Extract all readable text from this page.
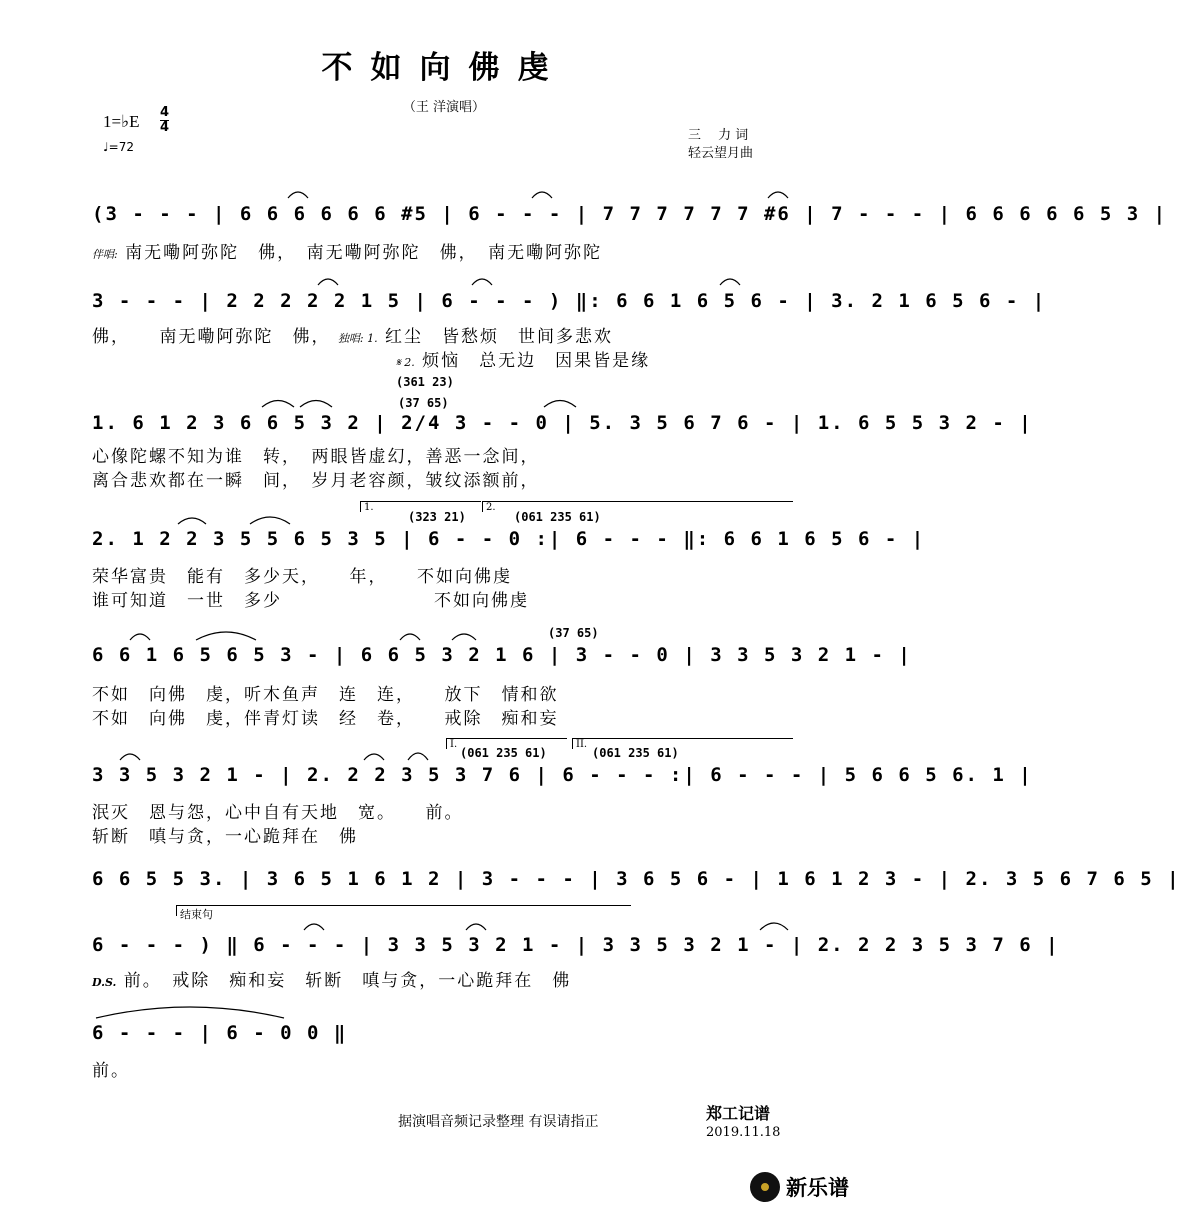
不如向佛虔
（王 洋演唱）
1=♭E 4
4
♩=72
三　 力 词
轻云望月曲
(3 - - - | 6 6 6 6 6 6 #5 | 6 - - - | 7 7 7 7 7 7 #6 | 7 - - - | 6 6 6 6 6 5 3 |
伴唱: 南无嘞阿弥陀　佛，　南无嘞阿弥陀　佛，　南无嘞阿弥陀
3 - - - | 2 2 2 2 2 1 5 | 6 - - - ) ‖: 6 6 1 6 5 6 - | 3. 2 1 6 5 6 - |
佛，　　南无嘞阿弥陀　佛， 独唱: 1. 红尘　皆愁烦　世间多悲欢
𝄋 2. 烦恼　总无边　因果皆是缘
(361 23)
(37 65)
1. 6 1 2 3 6 6 5 3 2 | 2/4 3 - - 0 | 5. 3 5 6 7 6 - | 1. 6 5 5 3 2 - |
心像陀螺不知为谁　转，　两眼皆虚幻，善恶一念间，
离合悲欢都在一瞬　间，　岁月老容颜，皱纹添额前，
1.	2.
(323 21)	(061 235 61)
2. 1 2 2 3 5 5 6 5 3 5 | 6 - - 0 :| 6 - - - ‖: 6 6 1 6 5 6 - |
荣华富贵　能有　多少天，　　年，　　不如向佛虔
谁可知道　一世　多少　　　　　　　　不如向佛虔
(37 65)
6 6 1 6 5 6 5 3 - | 6 6 5 3 2 1 6 | 3 - - 0 | 3 3 5 3 2 1 - |
不如　向佛　虔，听木鱼声　连　连，　　放下　情和欲
不如　向佛　虔，伴青灯读　经　卷，　　戒除　痴和妄
I.	II.
(061 235 61)	(061 235 61)
3 3 5 3 2 1 - | 2. 2 2 3 5 3 7 6 | 6 - - - :| 6 - - - | 5 6 6 5 6. 1 |
泯灭　恩与怨，心中自有天地　宽。　　前。
斩断　嗔与贪，一心跪拜在　佛
6 6 5 5 3. | 3 6 5 1 6 1 2 | 3 - - - | 3 6 5 6 - | 1 6 1 2 3 - | 2. 3 5 6 7 6 5 |
结束句
6 - - - ) ‖ 6 - - - | 3 3 5 3 2 1 - | 3 3 5 3 2 1 - | 2. 2 2 3 5 3 7 6 |
D.S. 前。　戒除　痴和妄　斩断　嗔与贪，一心跪拜在　佛
6 - - - | 6 - 0 0 ‖
前。
据演唱音频记录整理 有误请指正	郑工记谱
2019.11.18
新乐谱
